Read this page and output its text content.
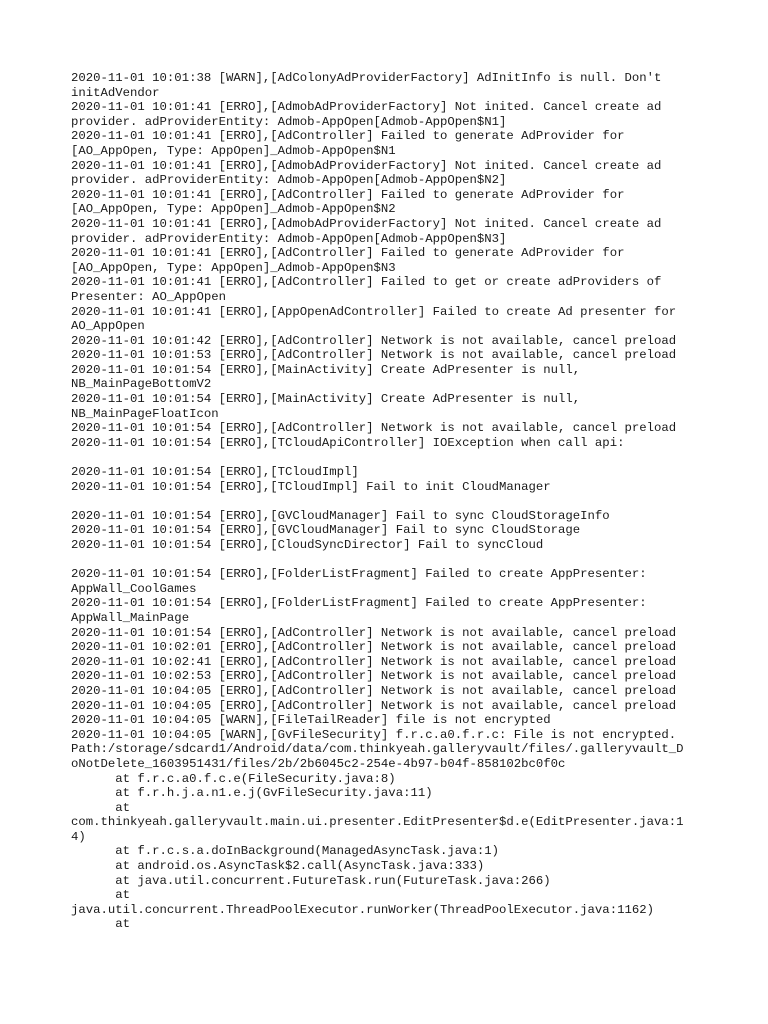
2020-11-01 10:01:38 [WARN],[AdColonyAdProviderFactory] AdInitInfo is null. Don't
initAdVendor
2020-11-01 10:01:41 [ERRO],[AdmobAdProviderFactory] Not inited. Cancel create ad
provider. adProviderEntity: Admob-AppOpen[Admob-AppOpen$N1]
2020-11-01 10:01:41 [ERRO],[AdController] Failed to generate AdProvider for
[AO_AppOpen, Type: AppOpen]_Admob-AppOpen$N1
2020-11-01 10:01:41 [ERRO],[AdmobAdProviderFactory] Not inited. Cancel create ad
provider. adProviderEntity: Admob-AppOpen[Admob-AppOpen$N2]
2020-11-01 10:01:41 [ERRO],[AdController] Failed to generate AdProvider for
[AO_AppOpen, Type: AppOpen]_Admob-AppOpen$N2
2020-11-01 10:01:41 [ERRO],[AdmobAdProviderFactory] Not inited. Cancel create ad
provider. adProviderEntity: Admob-AppOpen[Admob-AppOpen$N3]
2020-11-01 10:01:41 [ERRO],[AdController] Failed to generate AdProvider for
[AO_AppOpen, Type: AppOpen]_Admob-AppOpen$N3
2020-11-01 10:01:41 [ERRO],[AdController] Failed to get or create adProviders of
Presenter: AO_AppOpen
2020-11-01 10:01:41 [ERRO],[AppOpenAdController] Failed to create Ad presenter for
AO_AppOpen
2020-11-01 10:01:42 [ERRO],[AdController] Network is not available, cancel preload
2020-11-01 10:01:53 [ERRO],[AdController] Network is not available, cancel preload
2020-11-01 10:01:54 [ERRO],[MainActivity] Create AdPresenter is null,
NB_MainPageBottomV2
2020-11-01 10:01:54 [ERRO],[MainActivity] Create AdPresenter is null,
NB_MainPageFloatIcon
2020-11-01 10:01:54 [ERRO],[AdController] Network is not available, cancel preload
2020-11-01 10:01:54 [ERRO],[TCloudApiController] IOException when call api:
2020-11-01 10:01:54 [ERRO],[TCloudImpl]
2020-11-01 10:01:54 [ERRO],[TCloudImpl] Fail to init CloudManager
2020-11-01 10:01:54 [ERRO],[GVCloudManager] Fail to sync CloudStorageInfo
2020-11-01 10:01:54 [ERRO],[GVCloudManager] Fail to sync CloudStorage
2020-11-01 10:01:54 [ERRO],[CloudSyncDirector] Fail to syncCloud
2020-11-01 10:01:54 [ERRO],[FolderListFragment] Failed to create AppPresenter:
AppWall_CoolGames
2020-11-01 10:01:54 [ERRO],[FolderListFragment] Failed to create AppPresenter:
AppWall_MainPage
2020-11-01 10:01:54 [ERRO],[AdController] Network is not available, cancel preload
2020-11-01 10:02:01 [ERRO],[AdController] Network is not available, cancel preload
2020-11-01 10:02:41 [ERRO],[AdController] Network is not available, cancel preload
2020-11-01 10:02:53 [ERRO],[AdController] Network is not available, cancel preload
2020-11-01 10:04:05 [ERRO],[AdController] Network is not available, cancel preload
2020-11-01 10:04:05 [ERRO],[AdController] Network is not available, cancel preload
2020-11-01 10:04:05 [WARN],[FileTailReader] file is not encrypted
2020-11-01 10:04:05 [WARN],[GvFileSecurity] f.r.c.a0.f.r.c: File is not encrypted.
Path:/storage/sdcard1/Android/data/com.thinkyeah.galleryvault/files/.galleryvault_D
oNotDelete_1603951431/files/2b/2b6045c2-254e-4b97-b04f-858102bc0f0c
at f.r.c.a0.f.c.e(FileSecurity.java:8)
at f.r.h.j.a.n1.e.j(GvFileSecurity.java:11)
at
com.thinkyeah.galleryvault.main.ui.presenter.EditPresenter$d.e(EditPresenter.java:1
4)
at f.r.c.s.a.doInBackground(ManagedAsyncTask.java:1)
at android.os.AsyncTask$2.call(AsyncTask.java:333)
at java.util.concurrent.FutureTask.run(FutureTask.java:266)
at
java.util.concurrent.ThreadPoolExecutor.runWorker(ThreadPoolExecutor.java:1162)
at
